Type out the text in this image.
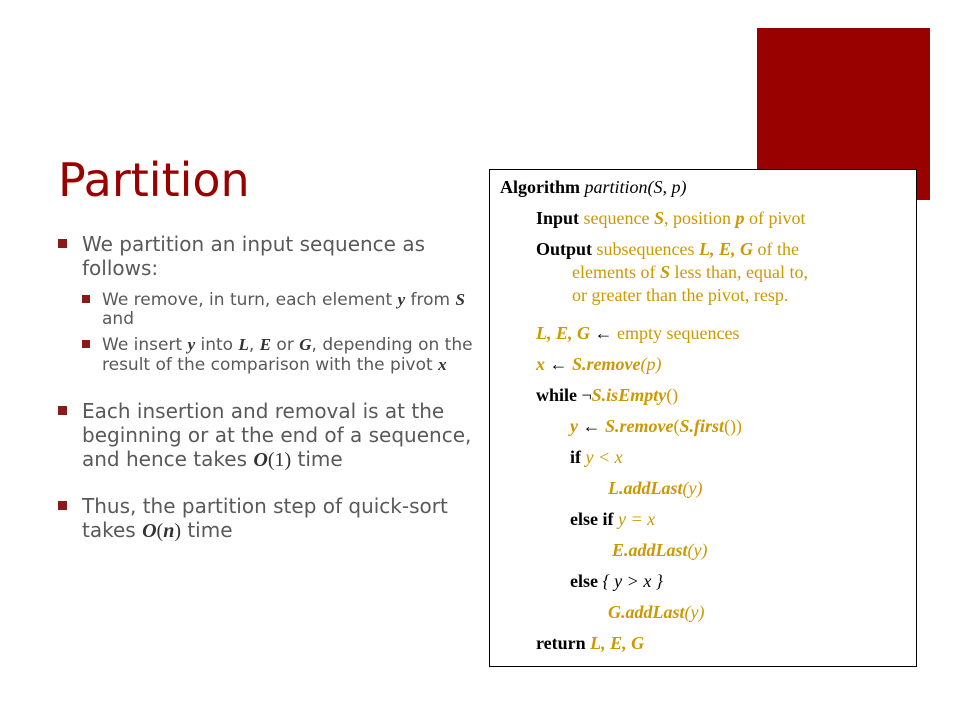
Partition
We partition an input sequence as follows:
We remove, in turn, each element y from S and
We insert y into L, E or G, depending on the result of the comparison with the pivot x
Each insertion and removal is at the beginning or at the end of a sequence, and hence takes O(1) time
Thus, the partition step of quick-sort takes O(n) time
Algorithm partition(S, p)
Input sequence S, position p of pivot
Output subsequences L, E, G of the
elements of S less than, equal to,
or greater than the pivot, resp.
L, E, G ← empty sequences
x ← S.remove(p)
while ¬S.isEmpty()
y ← S.remove(S.first())
if y < x
L.addLast(y)
else if y = x
E.addLast(y)
else { y > x }
G.addLast(y)
return L, E, G
